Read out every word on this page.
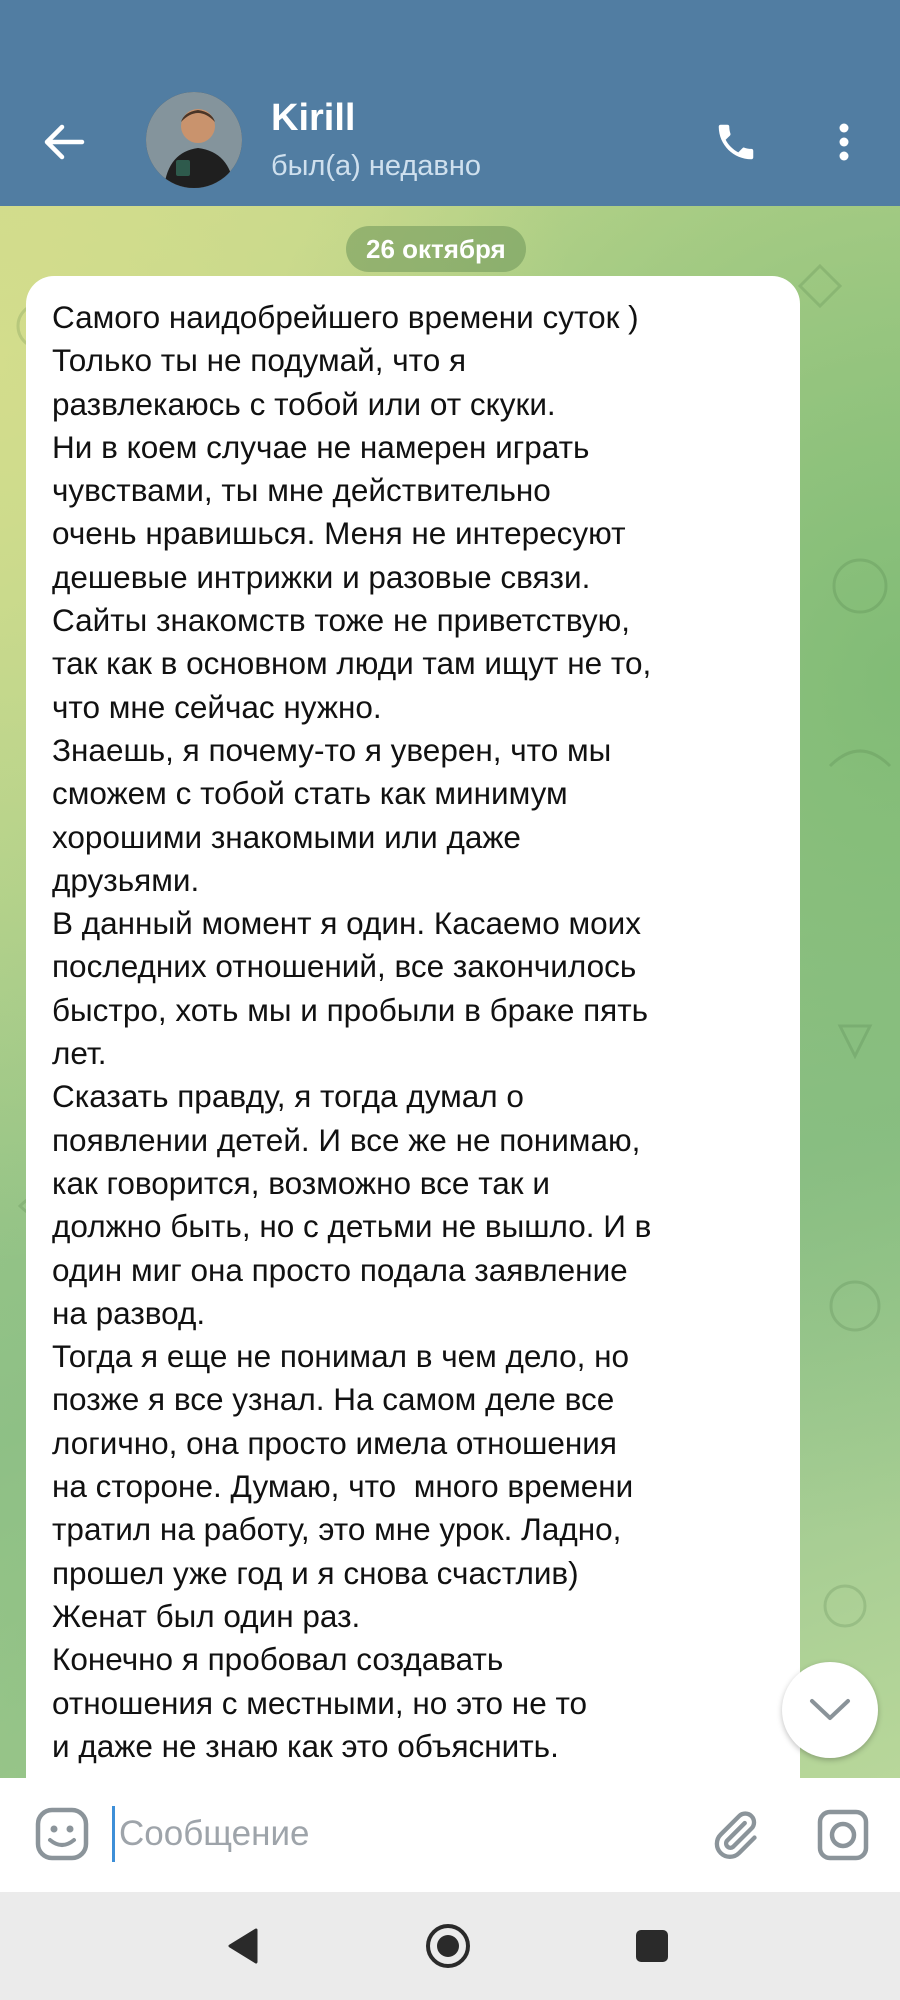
Kirill
был(а) недавно
26 октября
Самого наидобрейшего времени суток )
Только ты не подумай, что я
развлекаюсь с тобой или от скуки.
Ни в коем случае не намерен играть
чувствами, ты мне действительно
очень нравишься. Меня не интересуют
дешевые интрижки и разовые связи.
Сайты знакомств тоже не приветствую,
так как в основном люди там ищут не то,
что мне сейчас нужно.
Знаешь, я почему-то я уверен, что мы
сможем с тобой стать как минимум
хорошими знакомыми или даже
друзьями.
В данный момент я один. Касаемо моих
последних отношений, все закончилось
быстро, хоть мы и пробыли в браке пять
лет.
Сказать правду, я тогда думал о
появлении детей. И все же не понимаю,
как говорится, возможно все так и
должно быть, но с детьми не вышло. И в
один миг она просто подала заявление
на развод.
Тогда я еще не понимал в чем дело, но
позже я все узнал. На самом деле все
логично, она просто имела отношения
на стороне. Думаю, что  много времени
тратил на работу, это мне урок. Ладно,
прошел уже год и я снова счастлив)
Женат был один раз.
Конечно я пробовал создавать
отношения с местными, но это не то
и даже не знаю как это объяснить.
Сообщение
